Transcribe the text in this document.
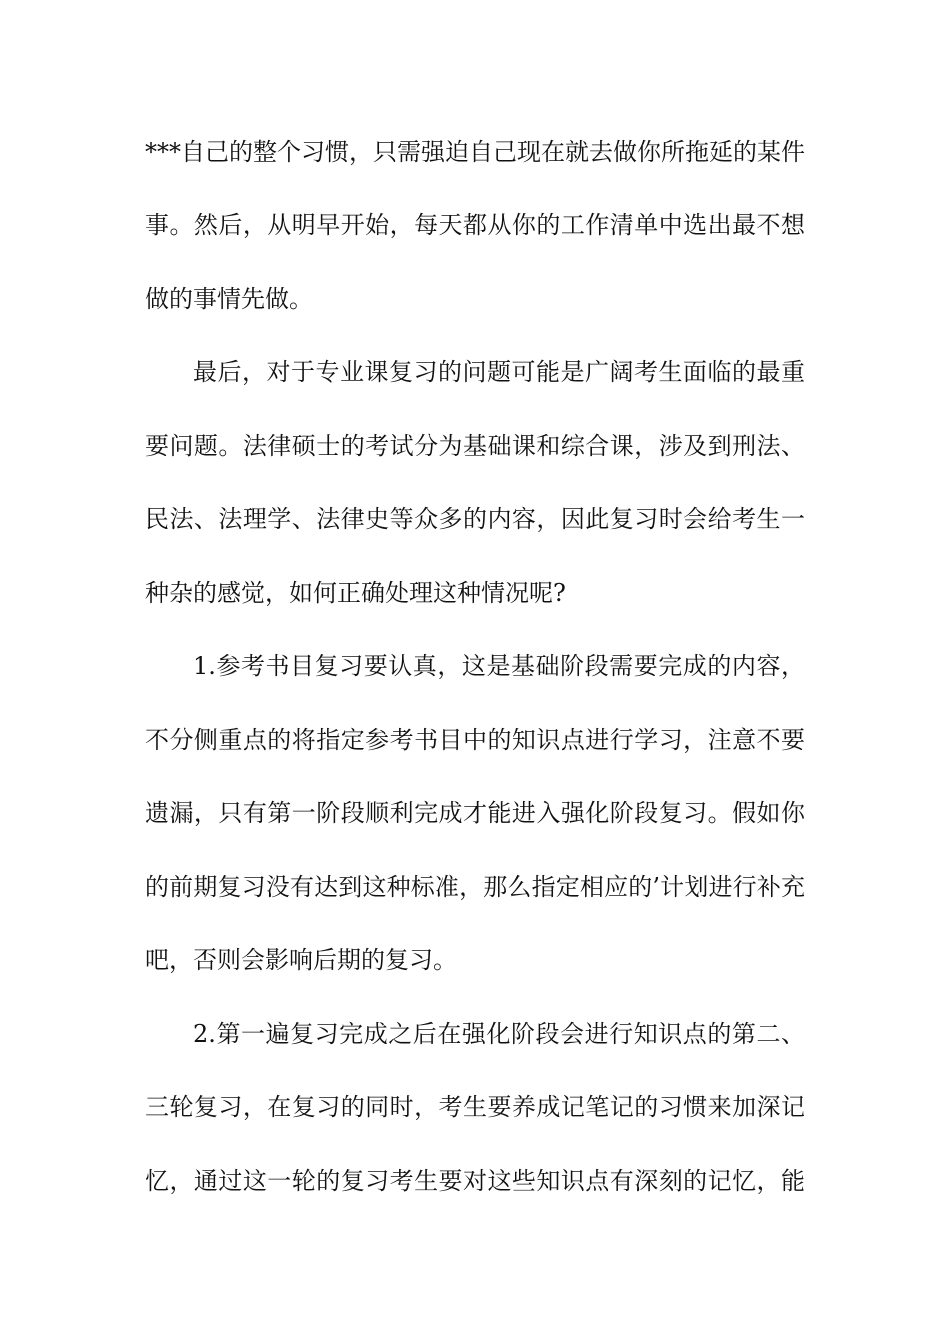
***自己的整个习惯，只需强迫自己现在就去做你所拖延的某件
事。然后，从明早开始，每天都从你的工作清单中选出最不想
做的事情先做。
最后，对于专业课复习的问题可能是广阔考生面临的最重
要问题。法律硕士的考试分为基础课和综合课，涉及到刑法、
民法、法理学、法律史等众多的内容，因此复习时会给考生一
种杂的感觉，如何正确处理这种情况呢?
1.参考书目复习要认真，这是基础阶段需要完成的内容，
不分侧重点的将指定参考书目中的知识点进行学习，注意不要
遗漏，只有第一阶段顺利完成才能进入强化阶段复习。假如你
的前期复习没有达到这种标准，那么指定相应的’计划进行补充
吧，否则会影响后期的复习。
2.第一遍复习完成之后在强化阶段会进行知识点的第二、
三轮复习，在复习的同时，考生要养成记笔记的习惯来加深记
忆，通过这一轮的复习考生要对这些知识点有深刻的记忆，能
